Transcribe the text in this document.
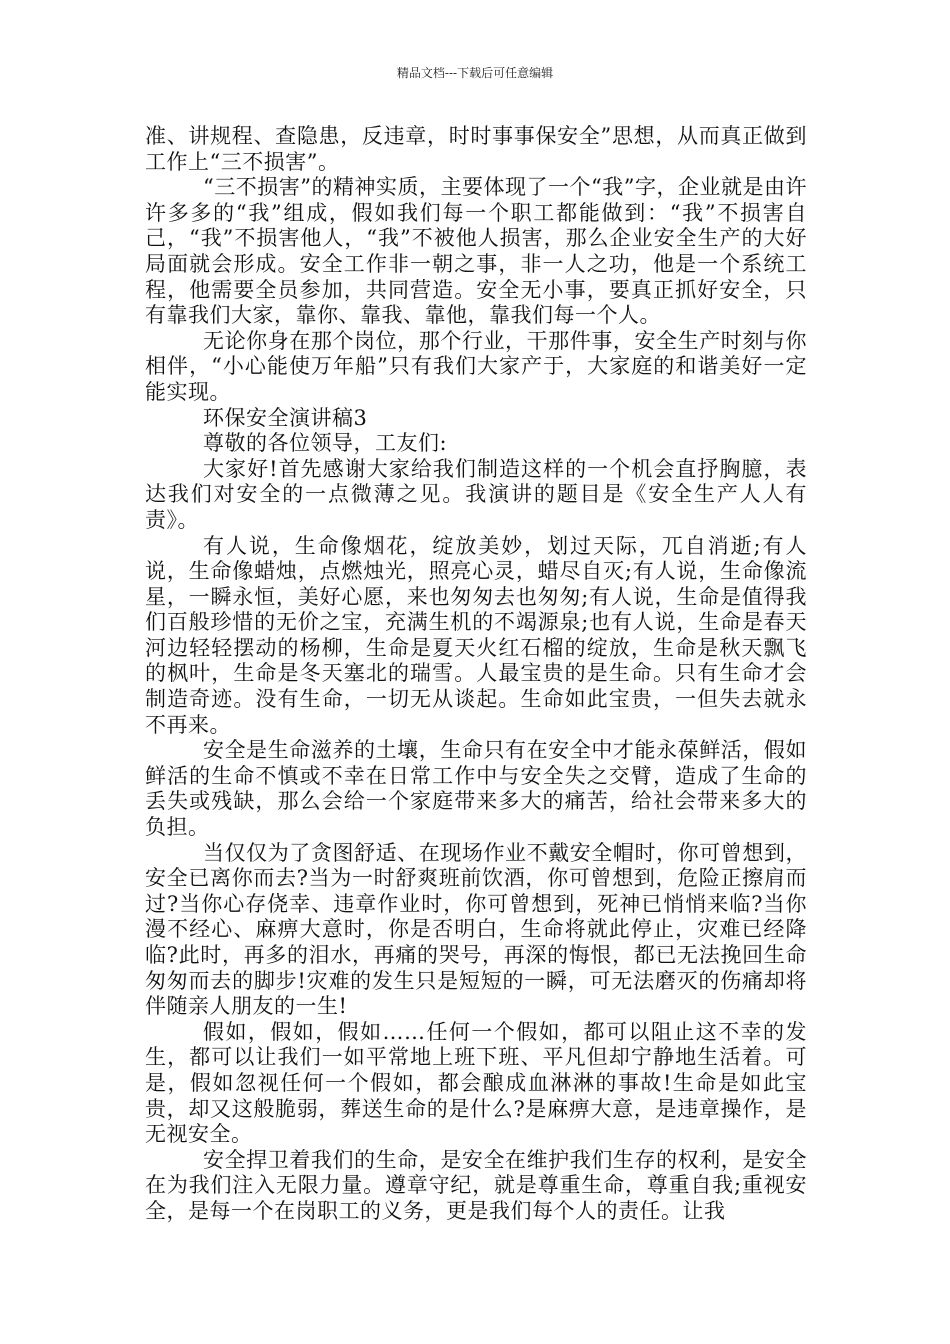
精品文档---下载后可任意编辑

准、讲规程、查隐患，反违章，时时事事保安全”思想，从而真正做到工作上“三不损害”。

“三不损害”的精神实质，主要体现了一个“我”字，企业就是由许许多多的“我”组成，假如我们每一个职工都能做到：“我”不损害自己，“我”不损害他人，“我”不被他人损害，那么企业安全生产的大好局面就会形成。安全工作非一朝之事，非一人之功，他是一个系统工程，他需要全员参加，共同营造。安全无小事，要真正抓好安全，只有靠我们大家，靠你、靠我、靠他，靠我们每一个人。

无论你身在那个岗位，那个行业，干那件事，安全生产时刻与你相伴，“小心能使万年船”只有我们大家产于，大家庭的和谐美好一定能实现。

环保安全演讲稿3

尊敬的各位领导，工友们:

大家好!首先感谢大家给我们制造这样的一个机会直抒胸臆，表达我们对安全的一点微薄之见。我演讲的题目是《安全生产人人有责》。

有人说，生命像烟花，绽放美妙，划过天际，兀自消逝;有人说，生命像蜡烛，点燃烛光，照亮心灵，蜡尽自灭;有人说，生命像流星，一瞬永恒，美好心愿，来也匆匆去也匆匆;有人说，生命是值得我们百般珍惜的无价之宝，充满生机的不竭源泉;也有人说，生命是春天河边轻轻摆动的杨柳，生命是夏天火红石榴的绽放，生命是秋天飘飞的枫叶，生命是冬天塞北的瑞雪。人最宝贵的是生命。只有生命才会制造奇迹。没有生命，一切无从谈起。生命如此宝贵，一但失去就永不再来。

安全是生命滋养的土壤，生命只有在安全中才能永葆鲜活，假如鲜活的生命不慎或不幸在日常工作中与安全失之交臂，造成了生命的丢失或残缺，那么会给一个家庭带来多大的痛苦，给社会带来多大的负担。

当仅仅为了贪图舒适、在现场作业不戴安全帽时，你可曾想到，安全已离你而去?当为一时舒爽班前饮酒，你可曾想到，危险正擦肩而过?当你心存侥幸、违章作业时，你可曾想到，死神已悄悄来临?当你漫不经心、麻痹大意时，你是否明白，生命将就此停止，灾难已经降临?此时，再多的泪水，再痛的哭号，再深的悔恨，都已无法挽回生命匆匆而去的脚步!灾难的发生只是短短的一瞬，可无法磨灭的伤痛却将伴随亲人朋友的一生!

假如，假如，假如……任何一个假如，都可以阻止这不幸的发生，都可以让我们一如平常地上班下班、平凡但却宁静地生活着。可是，假如忽视任何一个假如，都会酿成血淋淋的事故!生命是如此宝贵，却又这般脆弱，葬送生命的是什么?是麻痹大意，是违章操作，是无视安全。

安全捍卫着我们的生命，是安全在维护我们生存的权利，是安全在为我们注入无限力量。遵章守纪，就是尊重生命，尊重自我;重视安全，是每一个在岗职工的义务，更是我们每个人的责任。让我
